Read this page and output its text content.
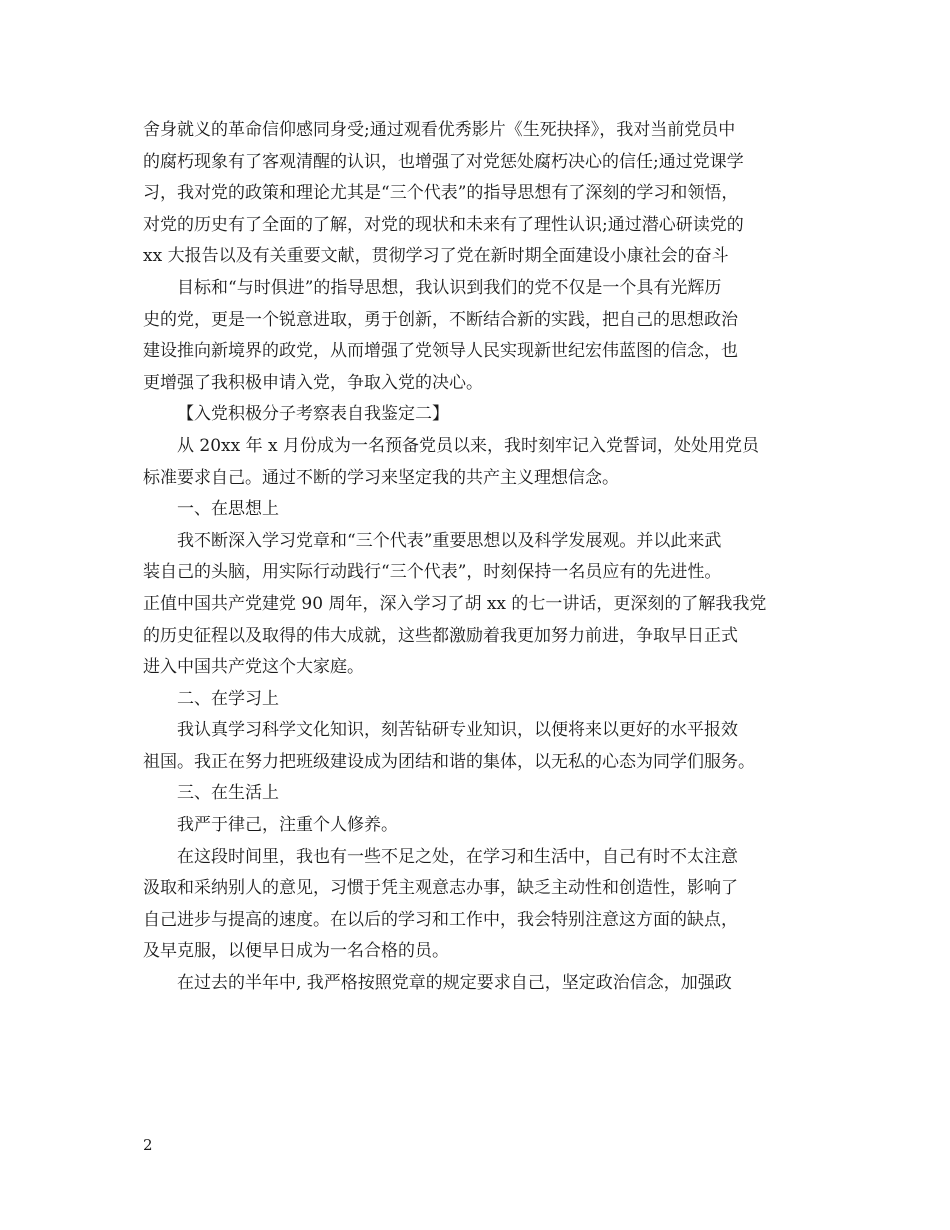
舍身就义的革命信仰感同身受;通过观看优秀影片《生死抉择》，我对当前党员中
的腐朽现象有了客观清醒的认识，也增强了对党惩处腐朽决心的信任;通过党课学
习，我对党的政策和理论尤其是“三个代表”的指导思想有了深刻的学习和领悟，
对党的历史有了全面的了解，对党的现状和未来有了理性认识;通过潜心研读党的
xx 大报告以及有关重要文献，贯彻学习了党在新时期全面建设小康社会的奋斗
目标和“与时俱进”的指导思想，我认识到我们的党不仅是一个具有光辉历
史的党，更是一个锐意进取，勇于创新，不断结合新的实践，把自己的思想政治
建设推向新境界的政党，从而增强了党领导人民实现新世纪宏伟蓝图的信念，也
更增强了我积极申请入党，争取入党的决心。
【入党积极分子考察表自我鉴定二】
从 20xx 年 x 月份成为一名预备党员以来，我时刻牢记入党誓词，处处用党员
标准要求自己。通过不断的学习来坚定我的共产主义理想信念。
一、在思想上
我不断深入学习党章和“三个代表”重要思想以及科学发展观。并以此来武
装自己的头脑，用实际行动践行“三个代表”，时刻保持一名员应有的先进性。
正值中国共产党建党 90 周年，深入学习了胡 xx 的七一讲话，更深刻的了解我我党
的历史征程以及取得的伟大成就，这些都激励着我更加努力前进，争取早日正式
进入中国共产党这个大家庭。
二、在学习上
我认真学习科学文化知识，刻苦钻研专业知识，以便将来以更好的水平报效
祖国。我正在努力把班级建设成为团结和谐的集体，以无私的心态为同学们服务。
三、在生活上
我严于律己，注重个人修养。
在这段时间里，我也有一些不足之处，在学习和生活中，自己有时不太注意
汲取和采纳别人的意见，习惯于凭主观意志办事，缺乏主动性和创造性，影响了
自己进步与提高的速度。在以后的学习和工作中，我会特别注意这方面的缺点，
及早克服，以便早日成为一名合格的员。
在过去的半年中, 我严格按照党章的规定要求自己，坚定政治信念，加强政
2
